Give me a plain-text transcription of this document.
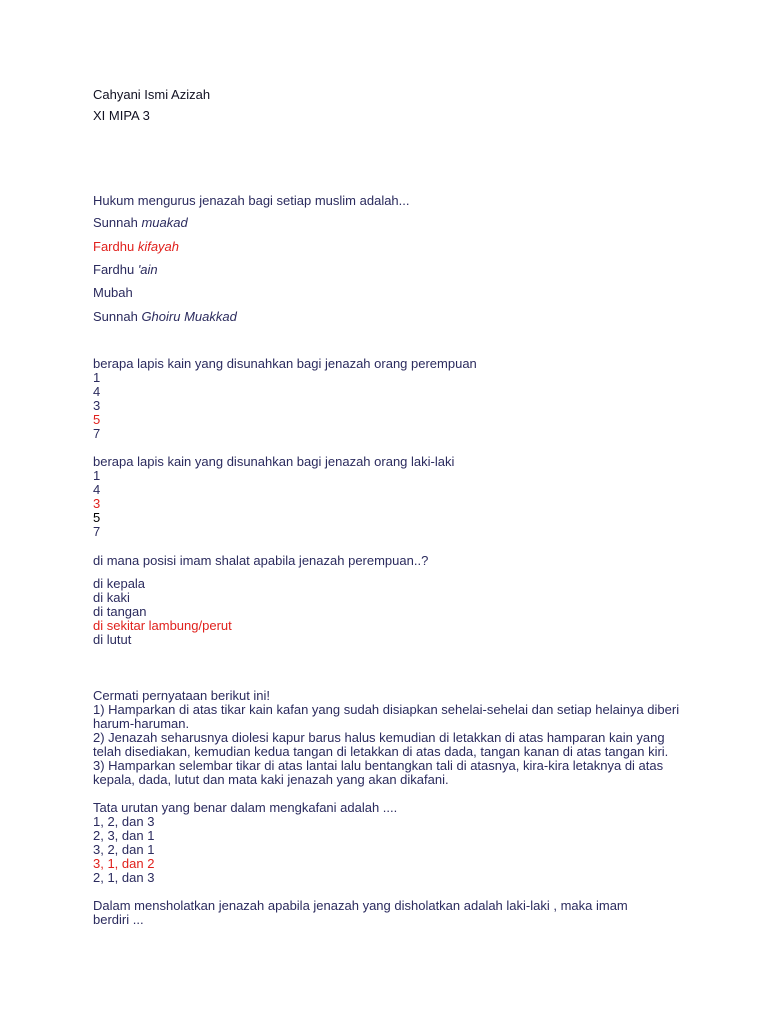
Cahyani Ismi Azizah
XI MIPA 3
Hukum mengurus jenazah bagi setiap muslim adalah...
Sunnah muakad
Fardhu kifayah
Fardhu 'ain
Mubah
Sunnah Ghoiru Muakkad
berapa lapis kain yang disunahkan bagi jenazah orang perempuan
1
4
3
5
7
berapa lapis kain yang disunahkan bagi jenazah orang laki-laki
1
4
3
5
7
di mana posisi imam shalat apabila jenazah perempuan..?
di kepala
di kaki
di tangan
di sekitar lambung/perut
di lutut
Cermati pernyataan berikut ini!
1) Hamparkan di atas tikar kain kafan yang sudah disiapkan sehelai-sehelai dan setiap helainya diberi
harum-haruman.
2) Jenazah seharusnya diolesi kapur barus halus kemudian di letakkan di atas hamparan kain yang
telah disediakan, kemudian kedua tangan di letakkan di atas dada, tangan kanan di atas tangan kiri.
3) Hamparkan selembar tikar di atas lantai lalu bentangkan tali di atasnya, kira-kira letaknya di atas
kepala, dada, lutut dan mata kaki jenazah yang akan dikafani.
Tata urutan yang benar dalam mengkafani adalah ....
1, 2, dan 3
2, 3, dan 1
3, 2, dan 1
3, 1, dan 2
2, 1, dan 3
Dalam mensholatkan jenazah apabila jenazah yang disholatkan adalah laki-laki , maka imam
berdiri ...
